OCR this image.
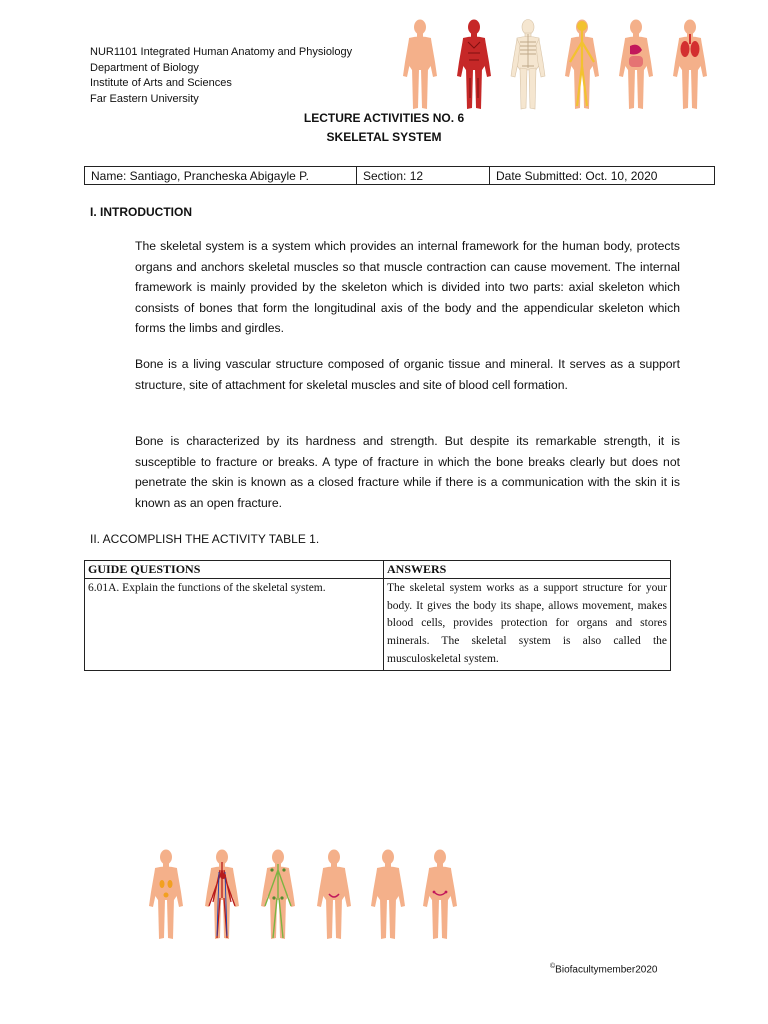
NUR1101 Integrated Human Anatomy and Physiology
Department of Biology
Institute of Arts and Sciences
Far Eastern University
LECTURE ACTIVITIES NO. 6
SKELETAL SYSTEM
Name: Santiago, Prancheska Abigayle P.	Section: 12	Date Submitted: Oct. 10, 2020
I. INTRODUCTION
The skeletal system is a system which provides an internal framework for the human body, protects organs and anchors skeletal muscles so that muscle contraction can cause movement. The internal framework is mainly provided by the skeleton which is divided into two parts: axial skeleton which consists of bones that form the longitudinal axis of the body and the appendicular skeleton which forms the limbs and girdles.
Bone is a living vascular structure composed of organic tissue and mineral. It serves as a support structure, site of attachment for skeletal muscles and site of blood cell formation.
Bone is characterized by its hardness and strength. But despite its remarkable strength, it is susceptible to fracture or breaks. A type of fracture in which the bone breaks clearly but does not penetrate the skin is known as a closed fracture while if there is a communication with the skin it is known as an open fracture.
II. ACCOMPLISH THE ACTIVITY TABLE 1.
GUIDE QUESTIONS	ANSWERS
6.01A. Explain the functions of the skeletal system.	The skeletal system works as a support structure for your body. It gives the body its shape, allows movement, makes blood cells, provides protection for organs and stores minerals. The skeletal system is also called the musculoskeletal system.
©Biofacultymember2020
